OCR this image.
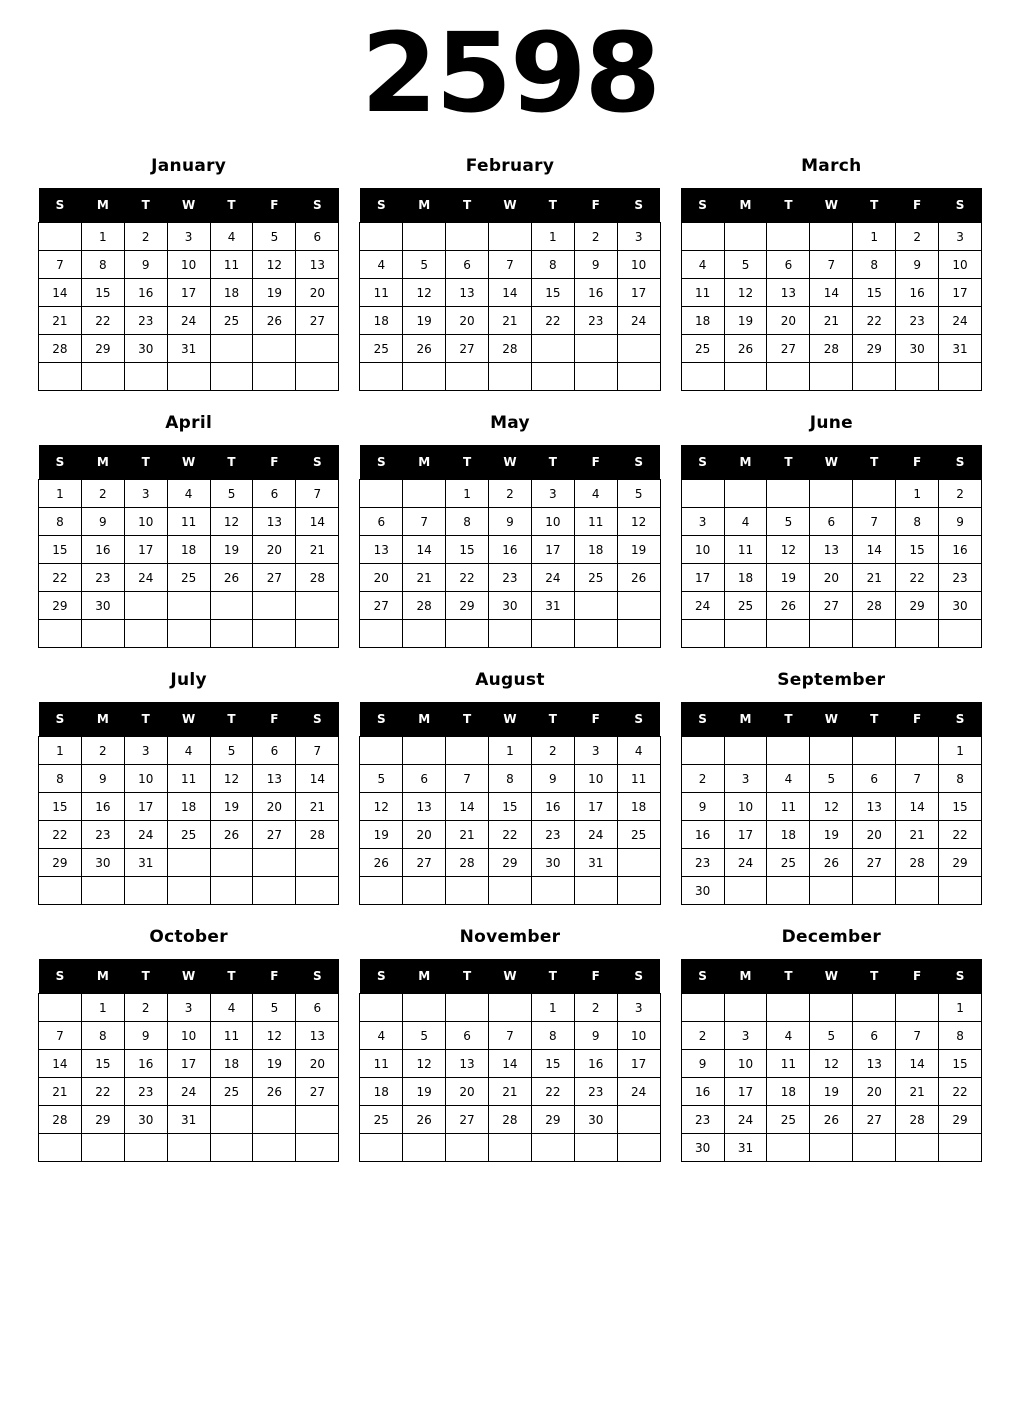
2598
January
S	M	T	W	T	F	S
	1	2	3	4	5	6
7	8	9	10	11	12	13
14	15	16	17	18	19	20
21	22	23	24	25	26	27
28	29	30	31			

February
S	M	T	W	T	F	S
				1	2	3
4	5	6	7	8	9	10
11	12	13	14	15	16	17
18	19	20	21	22	23	24
25	26	27	28			

March
S	M	T	W	T	F	S
				1	2	3
4	5	6	7	8	9	10
11	12	13	14	15	16	17
18	19	20	21	22	23	24
25	26	27	28	29	30	31

April
S	M	T	W	T	F	S
1	2	3	4	5	6	7
8	9	10	11	12	13	14
15	16	17	18	19	20	21
22	23	24	25	26	27	28
29	30					

May
S	M	T	W	T	F	S
		1	2	3	4	5
6	7	8	9	10	11	12
13	14	15	16	17	18	19
20	21	22	23	24	25	26
27	28	29	30	31		

June
S	M	T	W	T	F	S
					1	2
3	4	5	6	7	8	9
10	11	12	13	14	15	16
17	18	19	20	21	22	23
24	25	26	27	28	29	30

July
S	M	T	W	T	F	S
1	2	3	4	5	6	7
8	9	10	11	12	13	14
15	16	17	18	19	20	21
22	23	24	25	26	27	28
29	30	31				

August
S	M	T	W	T	F	S
			1	2	3	4
5	6	7	8	9	10	11
12	13	14	15	16	17	18
19	20	21	22	23	24	25
26	27	28	29	30	31	

September
S	M	T	W	T	F	S
						1
2	3	4	5	6	7	8
9	10	11	12	13	14	15
16	17	18	19	20	21	22
23	24	25	26	27	28	29
30						
October
S	M	T	W	T	F	S
	1	2	3	4	5	6
7	8	9	10	11	12	13
14	15	16	17	18	19	20
21	22	23	24	25	26	27
28	29	30	31			

November
S	M	T	W	T	F	S
				1	2	3
4	5	6	7	8	9	10
11	12	13	14	15	16	17
18	19	20	21	22	23	24
25	26	27	28	29	30	

December
S	M	T	W	T	F	S
						1
2	3	4	5	6	7	8
9	10	11	12	13	14	15
16	17	18	19	20	21	22
23	24	25	26	27	28	29
30	31					
